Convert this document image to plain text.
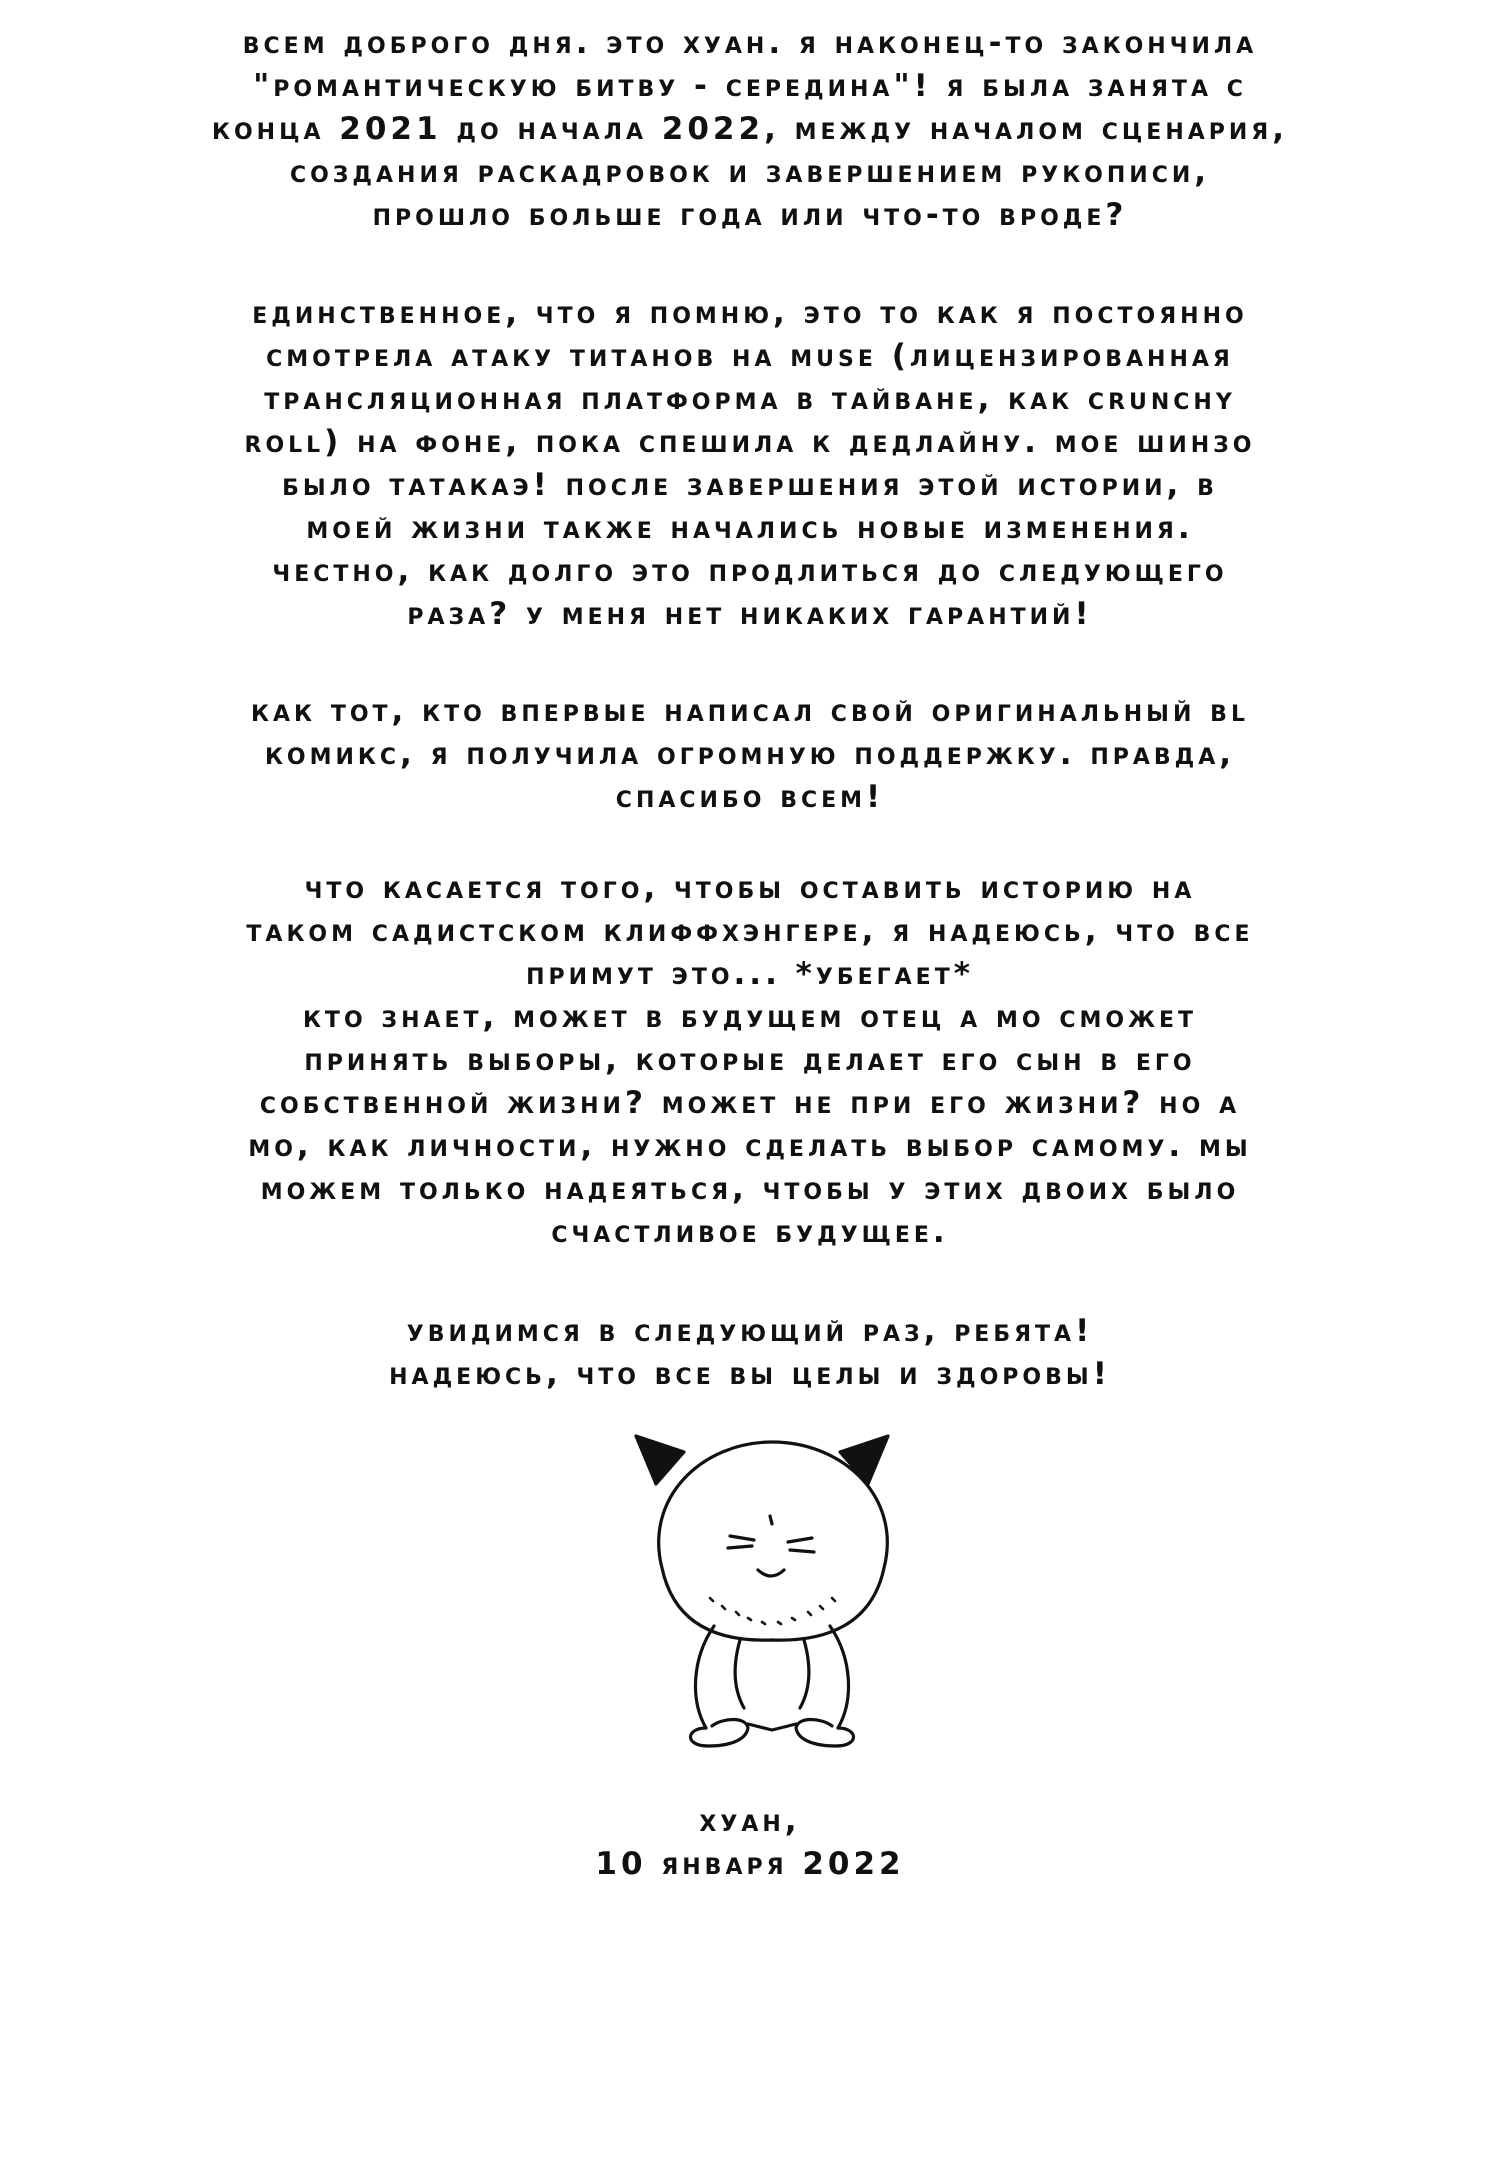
всем доброго дня. это хуан. я наконец-то закончила
"романтическую битву - середина"! я была занята с
конца 2021 до начала 2022, между началом сценария,
создания раскадровок и завершением рукописи,
прошло больше года или что-то вроде?
единственное, что я помню, это то как я постоянно
смотрела атаку титанов на muse (лицензированная
трансляционная платформа в тайване, как crunchy
roll) на фоне, пока спешила к дедлайну. мое шинзо
было татакаэ! после завершения этой истории, в
моей жизни также начались новые изменения.
честно, как долго это продлиться до следующего
раза? у меня нет никаких гарантий!
как тот, кто впервые написал свой оригинальный bl
комикс, я получила огромную поддержку. правда,
спасибо всем!
что касается того, чтобы оставить историю на
таком садистском клиффхэнгере, я надеюсь, что все
примут это... *убегает*
кто знает, может в будущем отец а мо сможет
принять выборы, которые делает его сын в его
собственной жизни? может не при его жизни? но а
мо, как личности, нужно сделать выбор самому. мы
можем только надеяться, чтобы у этих двоих было
счастливое будущее.
увидимся в следующий раз, ребята!
надеюсь, что все вы целы и здоровы!
хуан,
10 января 2022
